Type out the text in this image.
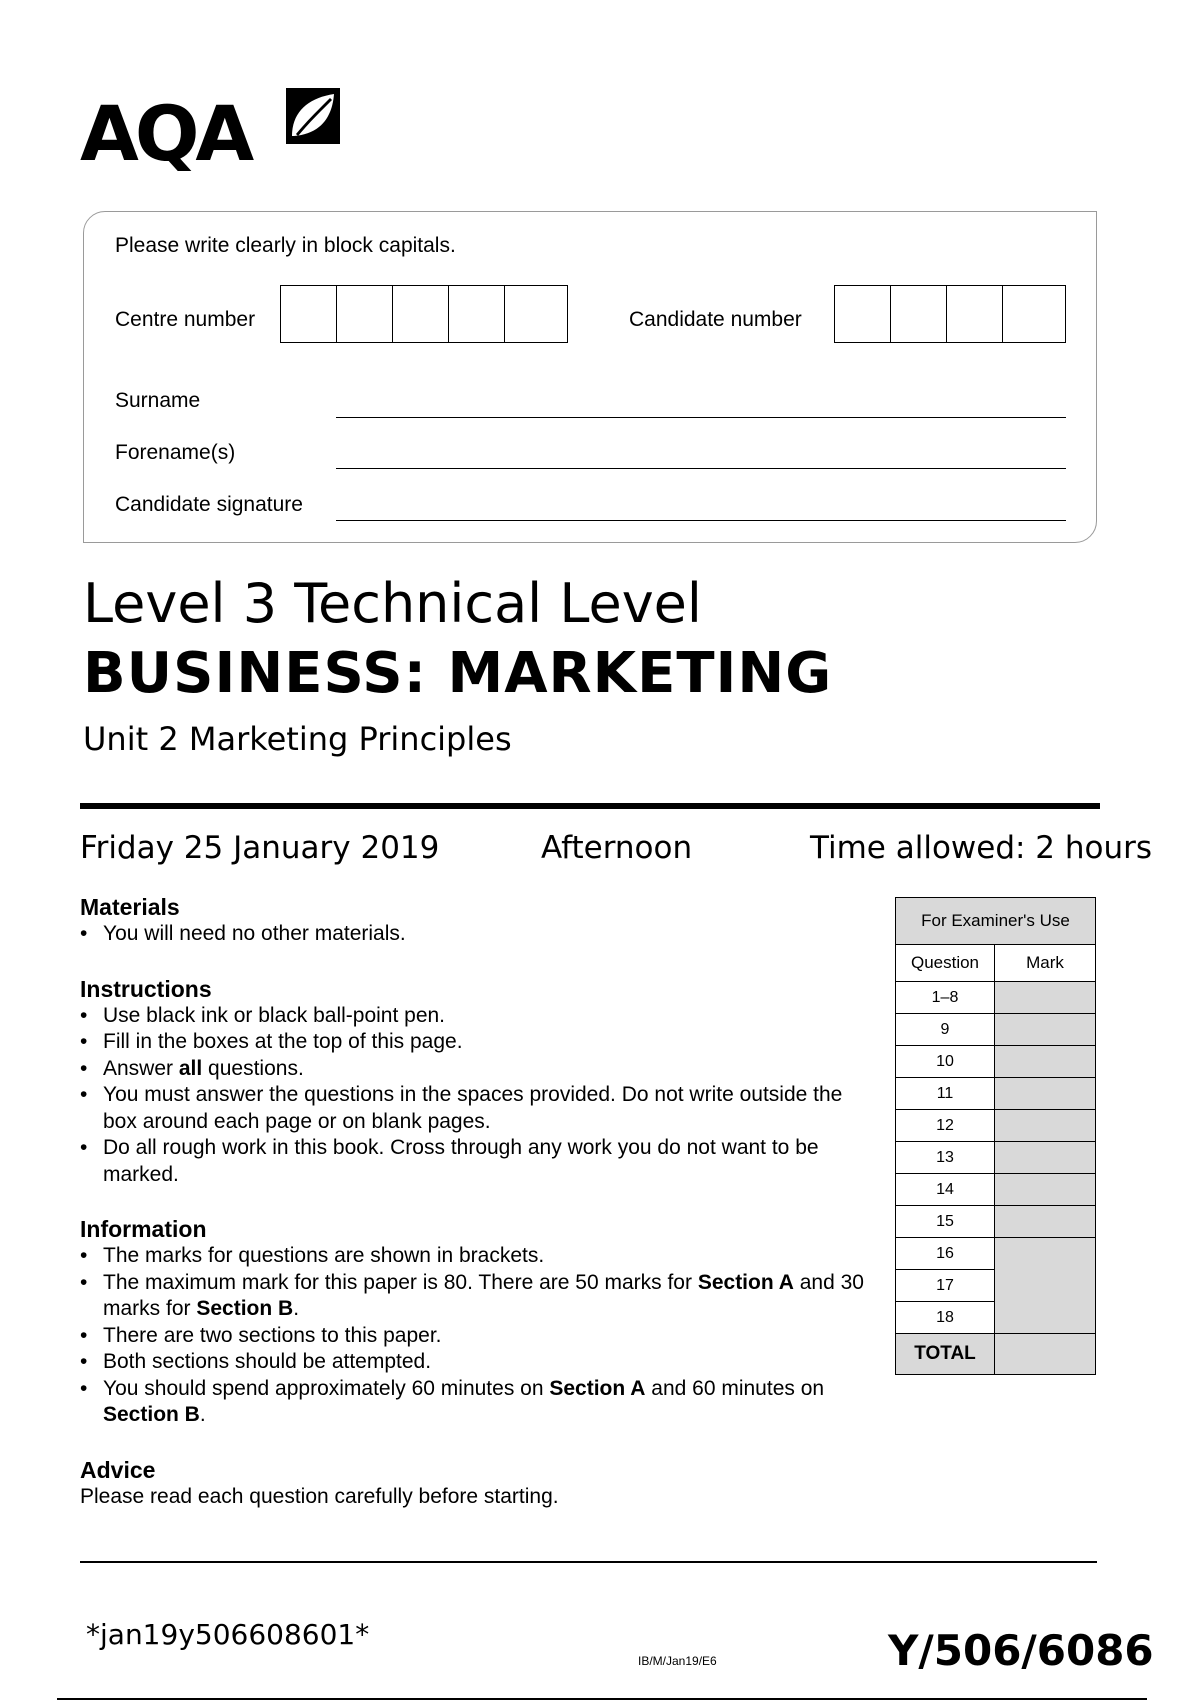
AQA
Please write clearly in block capitals.
Centre number	Candidate number
Surname
Forename(s)
Candidate signature
Level 3 Technical Level
BUSINESS: MARKETING
Unit 2 Marketing Principles
Friday 25 January 2019	Afternoon	Time allowed: 2 hours
Materials
• You will need no other materials.
Instructions
• Use black ink or black ball-point pen.
• Fill in the boxes at the top of this page.
• Answer all questions.
• You must answer the questions in the spaces provided. Do not write outside the box around each page or on blank pages.
• Do all rough work in this book. Cross through any work you do not want to be marked.
Information
• The marks for questions are shown in brackets.
• The maximum mark for this paper is 80. There are 50 marks for Section A and 30 marks for Section B.
• There are two sections to this paper.
• Both sections should be attempted.
• You should spend approximately 60 minutes on Section A and 60 minutes on Section B.
Advice
Please read each question carefully before starting.
For Examiner's Use	
Question	Mark
1–8	
9	
10	
11	
12	
13	
14	
15	
16	
17	
18	
TOTAL	
*jan19y506608601*
IB/M/Jan19/E6	Y/506/6086
